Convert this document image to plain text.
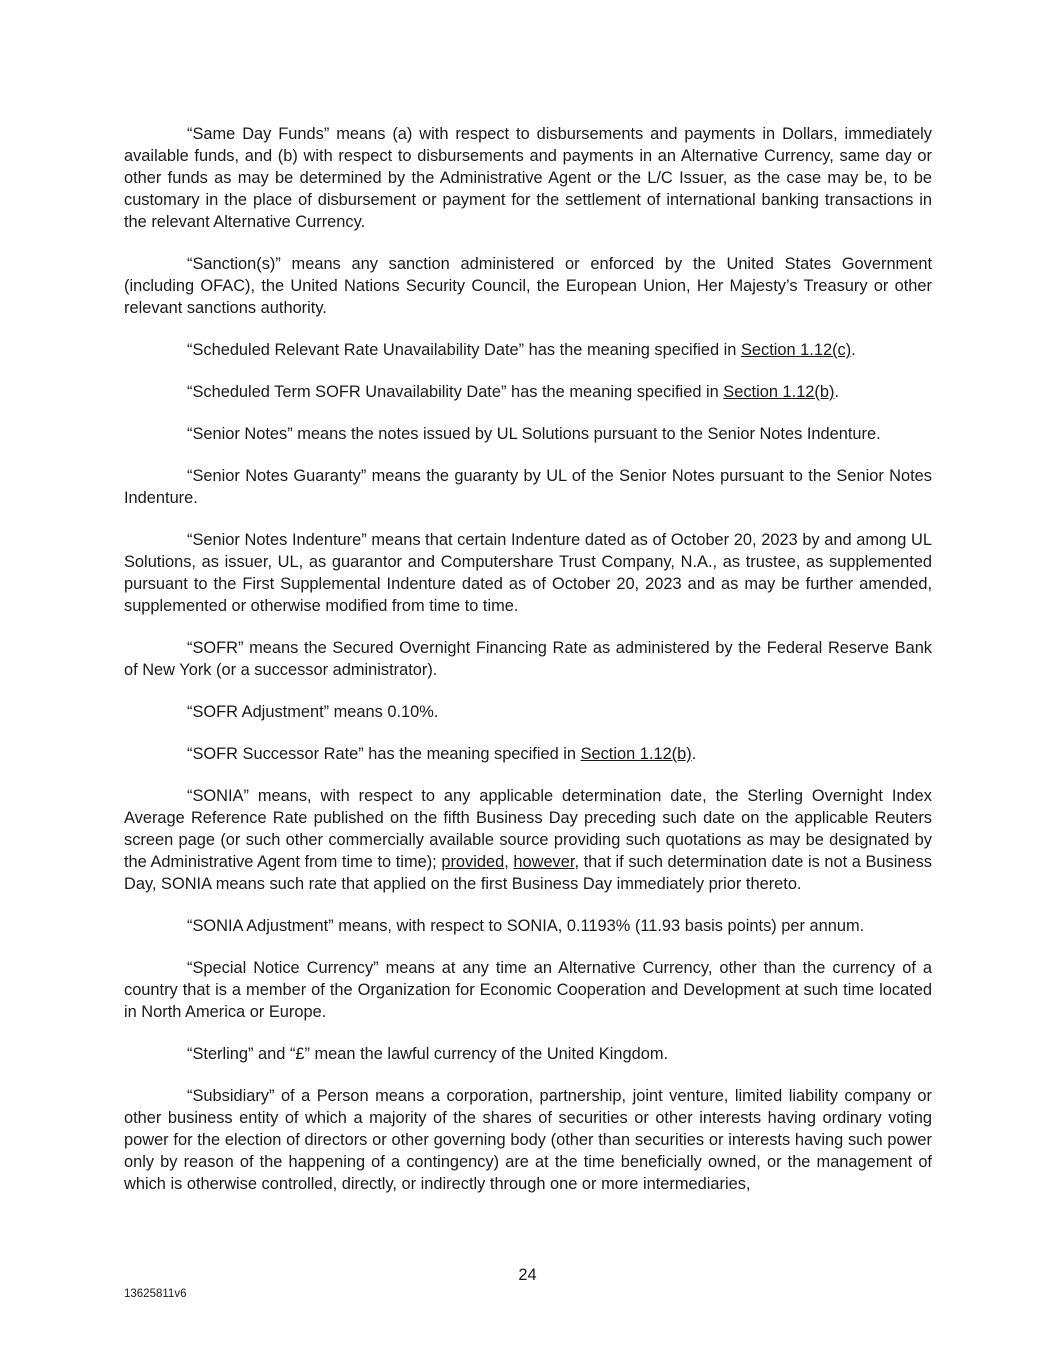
“Same Day Funds” means (a) with respect to disbursements and payments in Dollars, immediately available funds, and (b) with respect to disbursements and payments in an Alternative Currency, same day or other funds as may be determined by the Administrative Agent or the L/C Issuer, as the case may be, to be customary in the place of disbursement or payment for the settlement of international banking transactions in the relevant Alternative Currency.

“Sanction(s)” means any sanction administered or enforced by the United States Government (including OFAC), the United Nations Security Council, the European Union, Her Majesty’s Treasury or other relevant sanctions authority.

“Scheduled Relevant Rate Unavailability Date” has the meaning specified in Section 1.12(c).

“Scheduled Term SOFR Unavailability Date” has the meaning specified in Section 1.12(b).

“Senior Notes” means the notes issued by UL Solutions pursuant to the Senior Notes Indenture.

“Senior Notes Guaranty” means the guaranty by UL of the Senior Notes pursuant to the Senior Notes Indenture.

“Senior Notes Indenture” means that certain Indenture dated as of October 20, 2023 by and among UL Solutions, as issuer, UL, as guarantor and Computershare Trust Company, N.A., as trustee, as supplemented pursuant to the First Supplemental Indenture dated as of October 20, 2023 and as may be further amended, supplemented or otherwise modified from time to time.

“SOFR” means the Secured Overnight Financing Rate as administered by the Federal Reserve Bank of New York (or a successor administrator).

“SOFR Adjustment” means 0.10%.

“SOFR Successor Rate” has the meaning specified in Section 1.12(b).

“SONIA” means, with respect to any applicable determination date, the Sterling Overnight Index Average Reference Rate published on the fifth Business Day preceding such date on the applicable Reuters screen page (or such other commercially available source providing such quotations as may be designated by the Administrative Agent from time to time); provided, however, that if such determination date is not a Business Day, SONIA means such rate that applied on the first Business Day immediately prior thereto.

“SONIA Adjustment” means, with respect to SONIA, 0.1193% (11.93 basis points) per annum.

“Special Notice Currency” means at any time an Alternative Currency, other than the currency of a country that is a member of the Organization for Economic Cooperation and Development at such time located in North America or Europe.

“Sterling” and “£” mean the lawful currency of the United Kingdom.

“Subsidiary” of a Person means a corporation, partnership, joint venture, limited liability company or other business entity of which a majority of the shares of securities or other interests having ordinary voting power for the election of directors or other governing body (other than securities or interests having such power only by reason of the happening of a contingency) are at the time beneficially owned, or the management of which is otherwise controlled, directly, or indirectly through one or more intermediaries,

24
13625811v6
